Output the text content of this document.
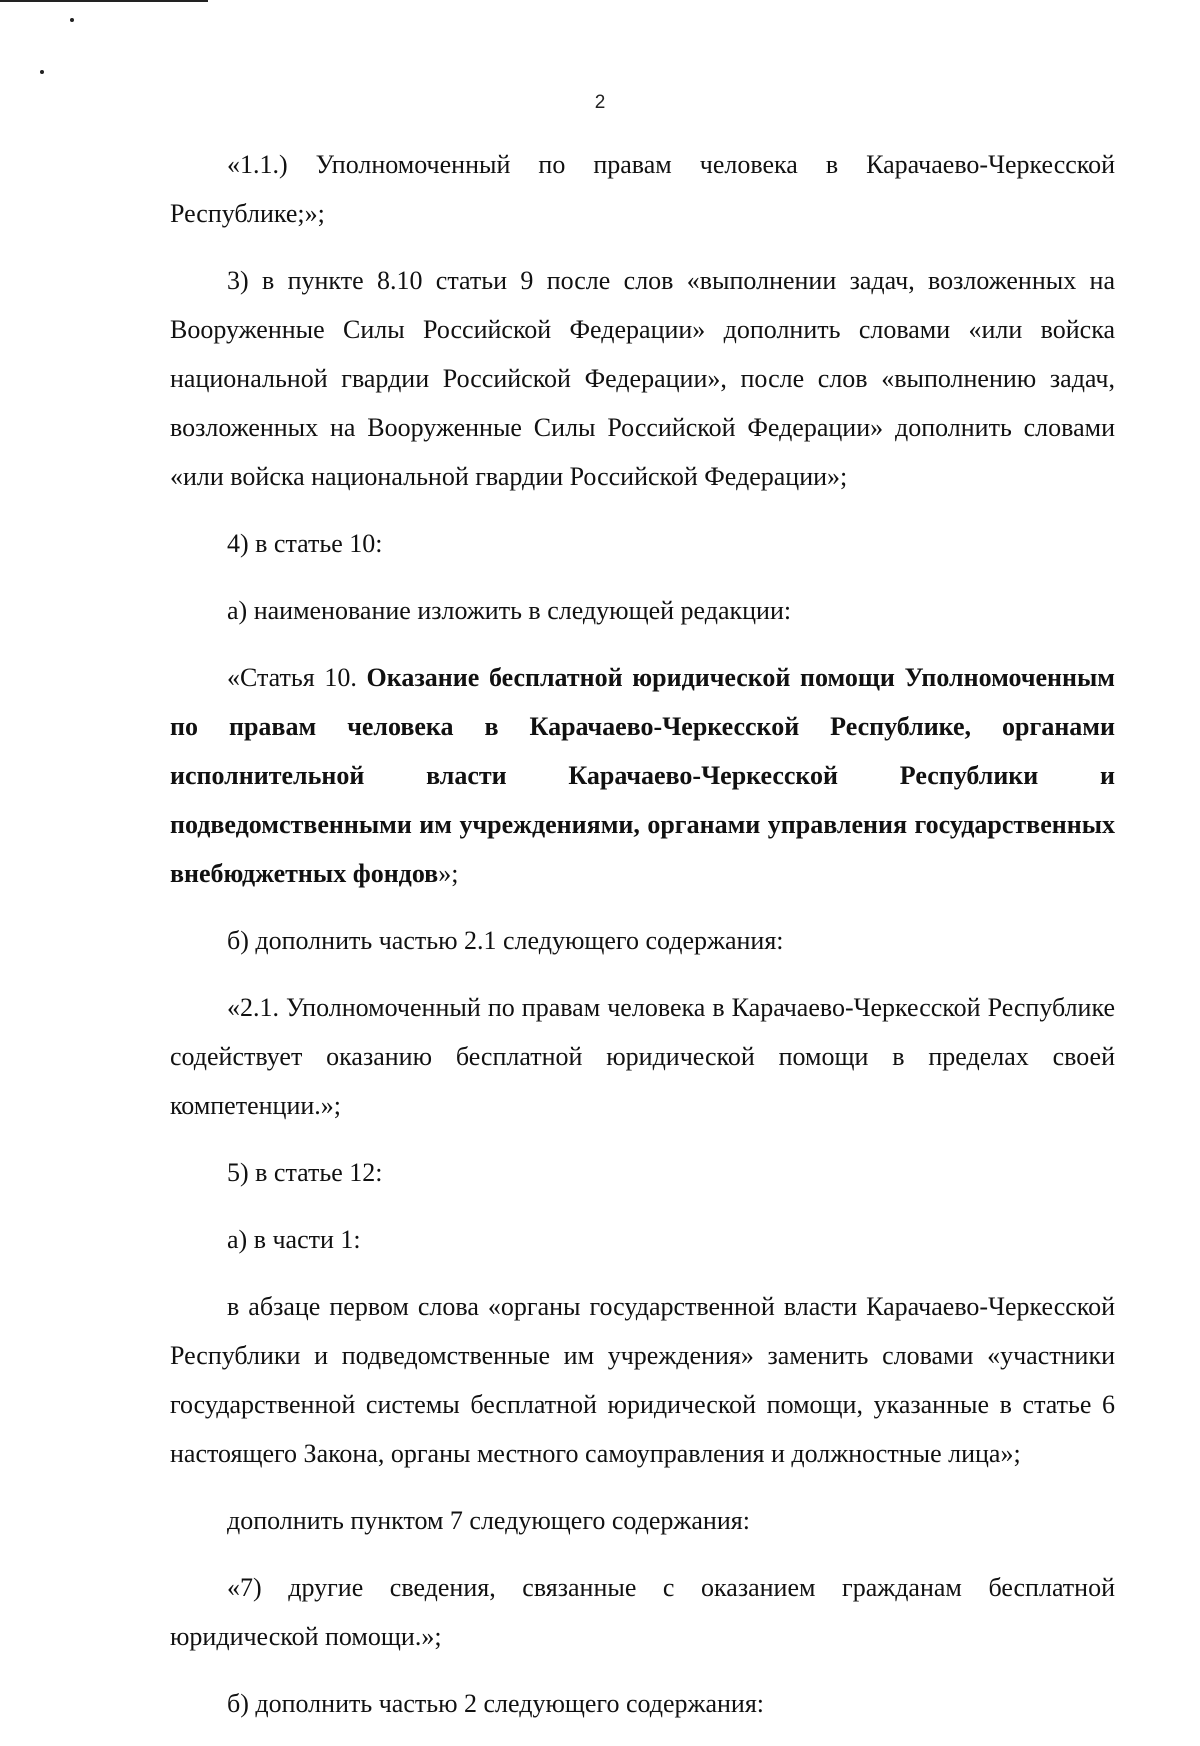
2

«1.1.) Уполномоченный по правам человека в Карачаево-Черкесской Республике;»;

3) в пункте 8.10 статьи 9 после слов «выполнении задач, возложенных на Вооруженные Силы Российской Федерации» дополнить словами «или войска национальной гвардии Российской Федерации», после слов «выполнению задач, возложенных на Вооруженные Силы Российской Федерации» дополнить словами «или войска национальной гвардии Российской Федерации»;

4) в статье 10:

а) наименование изложить в следующей редакции:

«Статья 10. Оказание бесплатной юридической помощи Уполномоченным по правам человека в Карачаево-Черкесской Республике, органами исполнительной власти Карачаево-Черкесской Республики и подведомственными им учреждениями, органами управления государственных внебюджетных фондов»;

б) дополнить частью 2.1 следующего содержания:

«2.1. Уполномоченный по правам человека в Карачаево-Черкесской Республике содействует оказанию бесплатной юридической помощи в пределах своей компетенции.»;

5) в статье 12:

а) в части 1:

в абзаце первом слова «органы государственной власти Карачаево-Черкесской Республики и подведомственные им учреждения» заменить словами «участники государственной системы бесплатной юридической помощи, указанные в статье 6 настоящего Закона, органы местного самоуправления и должностные лица»;

дополнить пунктом 7 следующего содержания:

«7) другие сведения, связанные с оказанием гражданам бесплатной юридической помощи.»;

б) дополнить частью 2 следующего содержания:
